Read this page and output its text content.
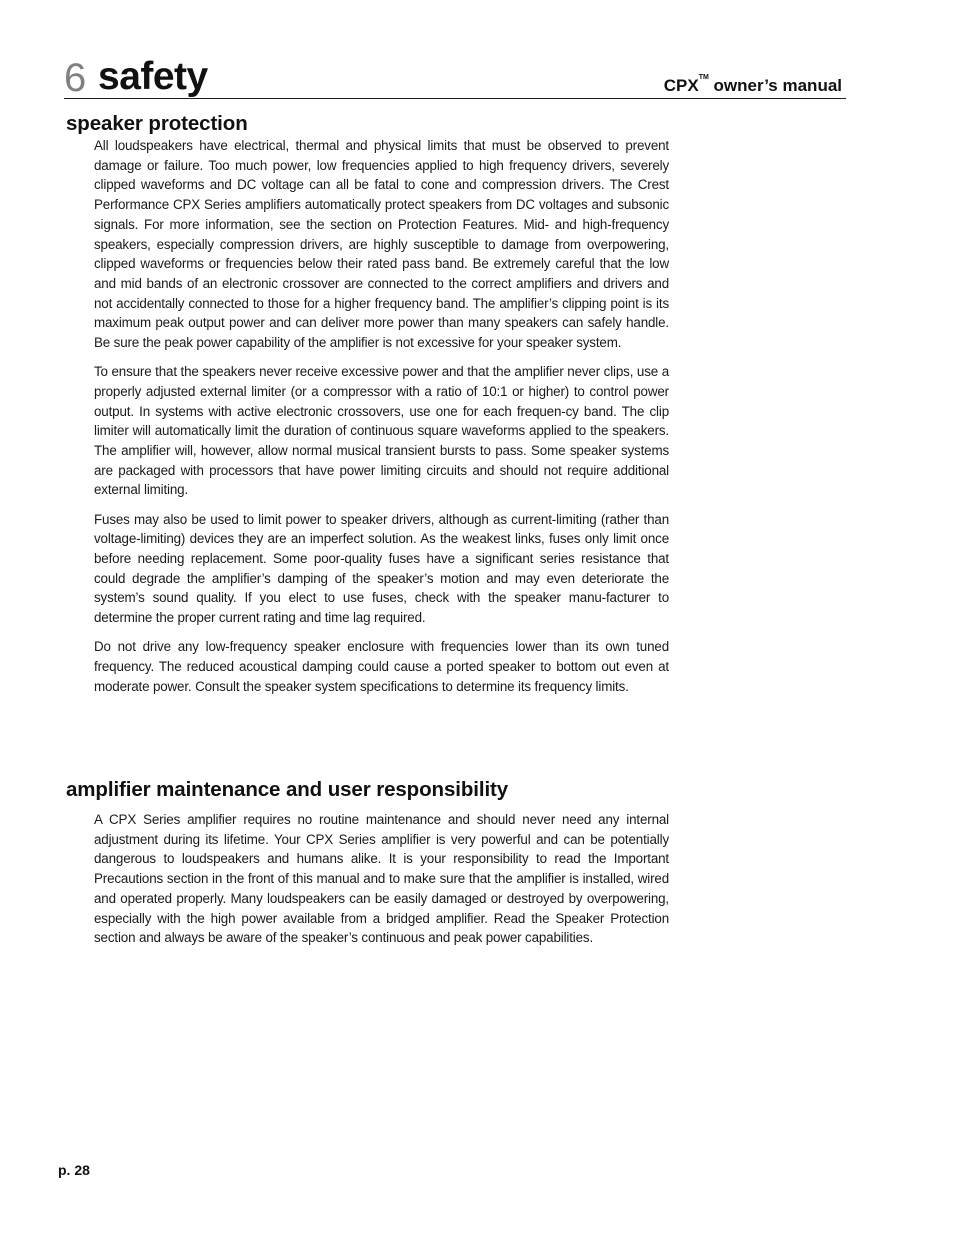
6 safety	CPX™ owner’s manual
speaker protection

All loudspeakers have electrical, thermal and physical limits that must be observed to prevent damage or failure. Too much power, low frequencies applied to high frequency drivers, severely clipped waveforms and DC voltage can all be fatal to cone and compression drivers. The Crest Performance CPX Series amplifiers automatically protect speakers from DC voltages and subsonic signals. For more information, see the section on Protection Features. Mid- and high-frequency speakers, especially compression drivers, are highly susceptible to damage from overpowering, clipped waveforms or frequencies below their rated pass band. Be extremely careful that the low and mid bands of an electronic crossover are connected to the correct amplifiers and drivers and not accidentally connected to those for a higher frequency band. The amplifier’s clipping point is its maximum peak output power and can deliver more power than many speakers can safely handle. Be sure the peak power capability of the amplifier is not excessive for your speaker system.

To ensure that the speakers never receive excessive power and that the amplifier never clips, use a properly adjusted external limiter (or a compressor with a ratio of 10:1 or higher) to control power output. In systems with active electronic crossovers, use one for each frequen-cy band. The clip limiter will automatically limit the duration of continuous square waveforms applied to the speakers. The amplifier will, however, allow normal musical transient bursts to pass. Some speaker systems are packaged with processors that have power limiting circuits and should not require additional external limiting.

Fuses may also be used to limit power to speaker drivers, although as current-limiting (rather than voltage-limiting) devices they are an imperfect solution. As the weakest links, fuses only limit once before needing replacement. Some poor-quality fuses have a significant series resistance that could degrade the amplifier’s damping of the speaker’s motion and may even deteriorate the system’s sound quality. If you elect to use fuses, check with the speaker manu-facturer to determine the proper current rating and time lag required.

Do not drive any low-frequency speaker enclosure with frequencies lower than its own tuned frequency. The reduced acoustical damping could cause a ported speaker to bottom out even at moderate power. Consult the speaker system specifications to determine its frequency limits.

amplifier maintenance and user responsibility

A CPX Series amplifier requires no routine maintenance and should never need any internal adjustment during its lifetime. Your CPX Series amplifier is very powerful and can be potentially dangerous to loudspeakers and humans alike. It is your responsibility to read the Important Precautions section in the front of this manual and to make sure that the amplifier is installed, wired and operated properly. Many loudspeakers can be easily damaged or destroyed by overpowering, especially with the high power available from a bridged amplifier. Read the Speaker Protection section and always be aware of the speaker’s continuous and peak power capabilities.

p. 28
